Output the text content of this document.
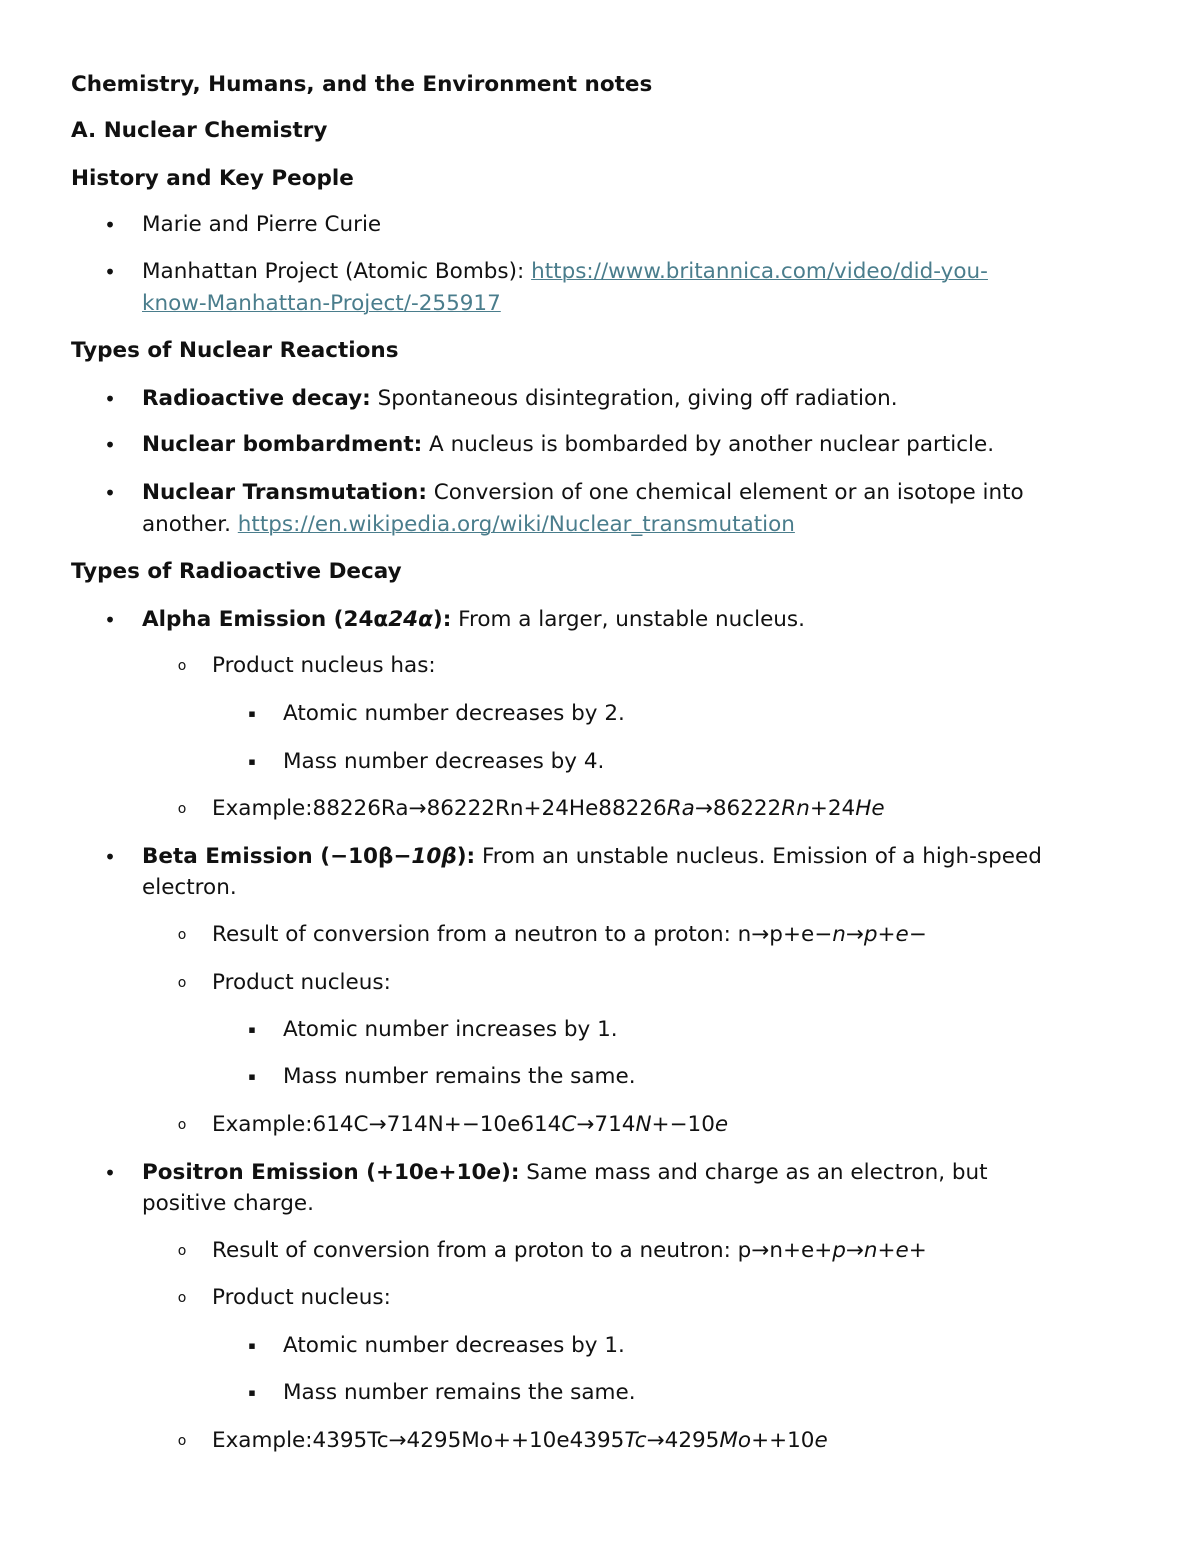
Chemistry, Humans, and the Environment notes
A. Nuclear Chemistry
History and Key People
• Marie and Pierre Curie
• Manhattan Project (Atomic Bombs): https://www.britannica.com/video/did-you-
know-Manhattan-Project/-255917
Types of Nuclear Reactions
• Radioactive decay: Spontaneous disintegration, giving off radiation.
• Nuclear bombardment: A nucleus is bombarded by another nuclear particle.
• Nuclear Transmutation: Conversion of one chemical element or an isotope into
another. https://en.wikipedia.org/wiki/Nuclear_transmutation
Types of Radioactive Decay
• Alpha Emission (24α24α): From a larger, unstable nucleus.
o Product nucleus has:
▪ Atomic number decreases by 2.
▪ Mass number decreases by 4.
o Example:88226Ra→86222Rn+24He88226Ra→86222Rn+24He
• Beta Emission (−10β−10β): From an unstable nucleus. Emission of a high-speed
electron.
o Result of conversion from a neutron to a proton: n→p+e−n→p+e−
o Product nucleus:
▪ Atomic number increases by 1.
▪ Mass number remains the same.
o Example:614C→714N+−10e614C→714N+−10e
• Positron Emission (+10e+10e): Same mass and charge as an electron, but
positive charge.
o Result of conversion from a proton to a neutron: p→n+e+p→n+e+
o Product nucleus:
▪ Atomic number decreases by 1.
▪ Mass number remains the same.
o Example:4395Tc→4295Mo++10e4395Tc→4295Mo++10e
